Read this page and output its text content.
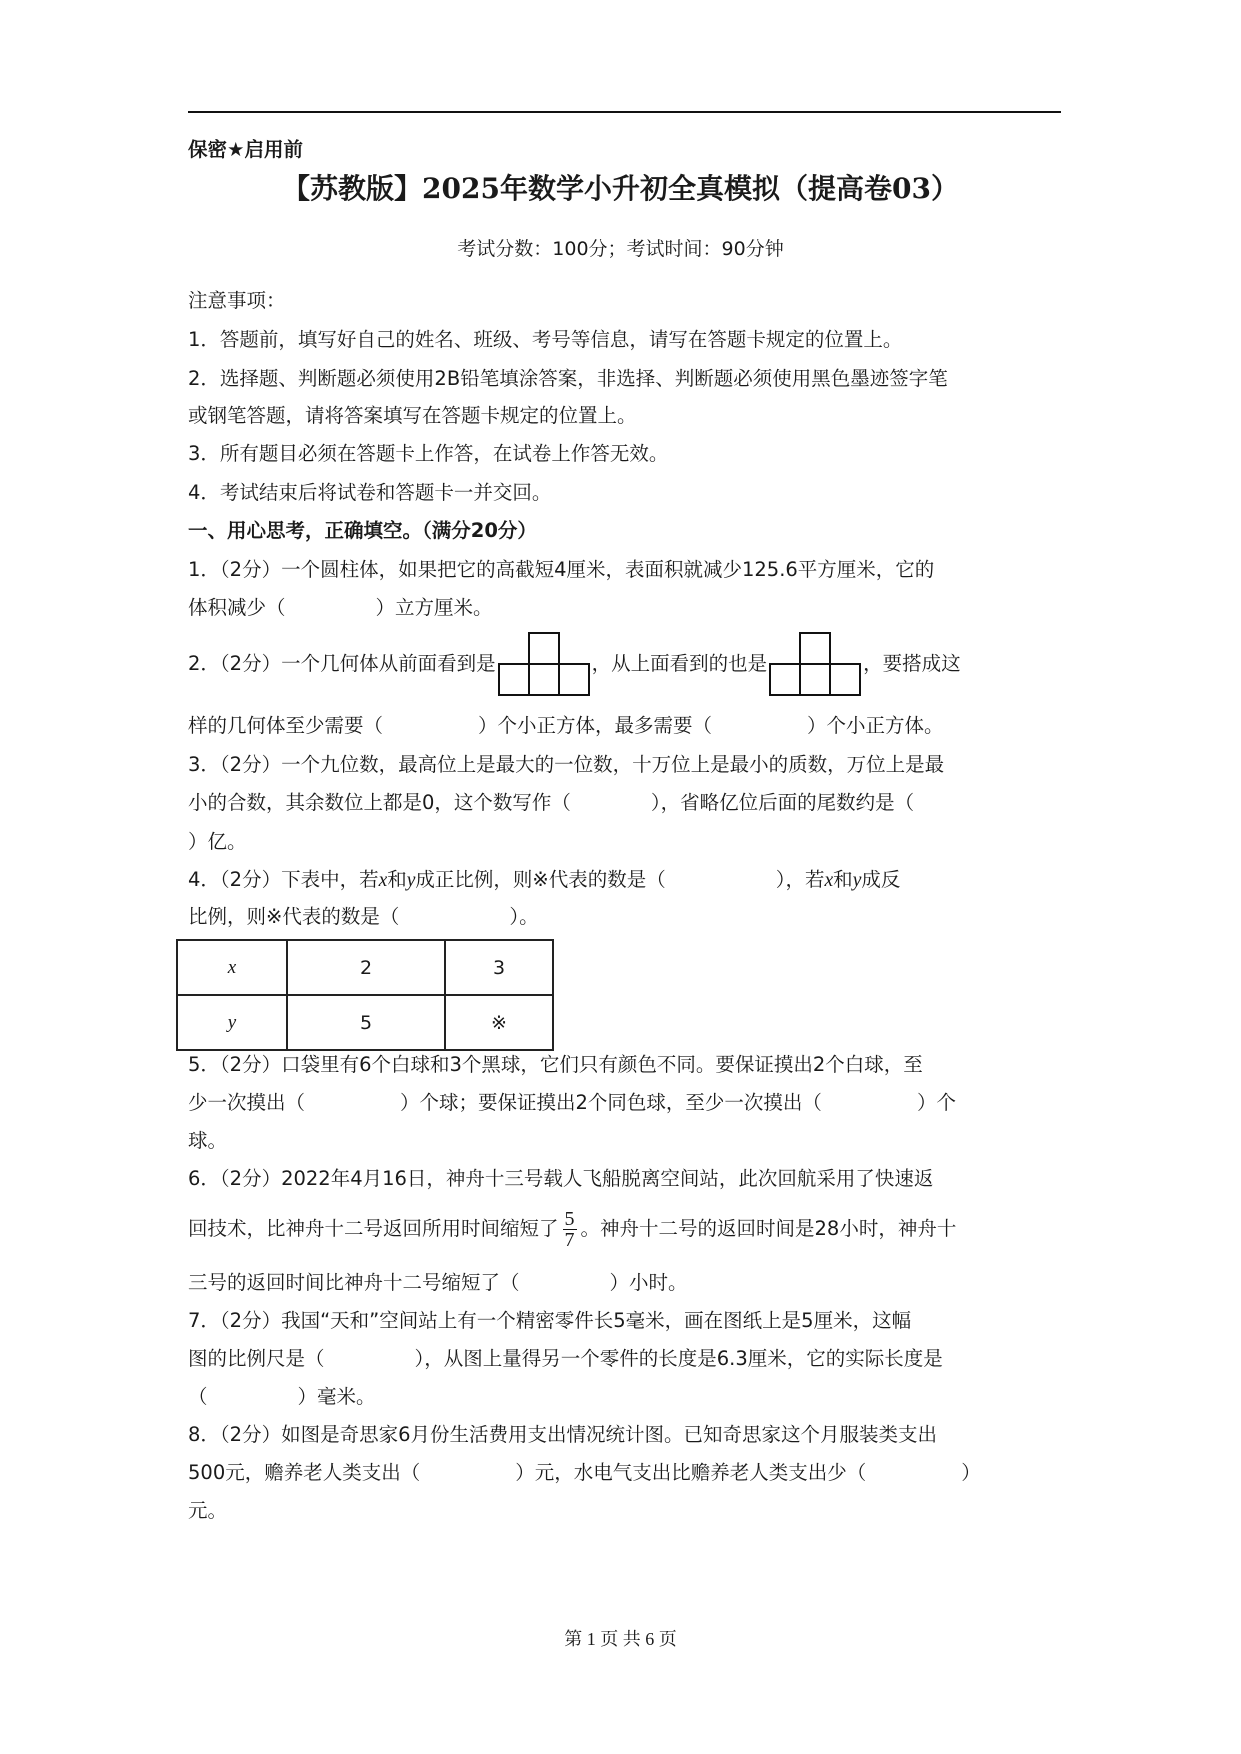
保密★启用前
【苏教版】2025年数学小升初全真模拟（提高卷03）
考试分数：100分；考试时间：90分钟
注意事项：
1．答题前，填写好自己的姓名、班级、考号等信息，请写在答题卡规定的位置上。
2．选择题、判断题必须使用2B铅笔填涂答案，非选择、判断题必须使用黑色墨迹签字笔
或钢笔答题，请将答案填写在答题卡规定的位置上。
3．所有题目必须在答题卡上作答，在试卷上作答无效。
4．考试结束后将试卷和答题卡一并交回。
一、用心思考，正确填空。（满分20分）
1．（2分）一个圆柱体，如果把它的高截短4厘米，表面积就减少125.6平方厘米，它的
体积减少（	）立方厘米。
2．（2分）一个几何体从前面看到是	，从上面看到的也是	，要搭成这
样的几何体至少需要（	）个小正方体，最多需要（	）个小正方体。
3．（2分）一个九位数，最高位上是最大的一位数，十万位上是最小的质数，万位上是最
小的合数，其余数位上都是0，这个数写作（	），省略亿位后面的尾数约是（
）亿。
4．（2分）下表中，若x和y成正比例，则※代表的数是（	），若x和y成反
比例，则※代表的数是（	）。
x	2	3
y	5	※
5．（2分）口袋里有6个白球和3个黑球，它们只有颜色不同。要保证摸出2个白球，至
少一次摸出（	）个球；要保证摸出2个同色球，至少一次摸出（	）个
球。
6．（2分）2022年4月16日，神舟十三号载人飞船脱离空间站，此次回航采用了快速返
回技术，比神舟十二号返回所用时间缩短了 $\frac{5}{7}$ 。神舟十二号的返回时间是28小时，神舟十
三号的返回时间比神舟十二号缩短了（	）小时。
7．（2分）我国“天和”空间站上有一个精密零件长5毫米，画在图纸上是5厘米，这幅
图的比例尺是（	），从图上量得另一个零件的长度是6.3厘米，它的实际长度是
（	）毫米。
8．（2分）如图是奇思家6月份生活费用支出情况统计图。已知奇思家这个月服装类支出
500元，赡养老人类支出（	）元，水电气支出比赡养老人类支出少（	）
元。
第 1 页 共 6 页
